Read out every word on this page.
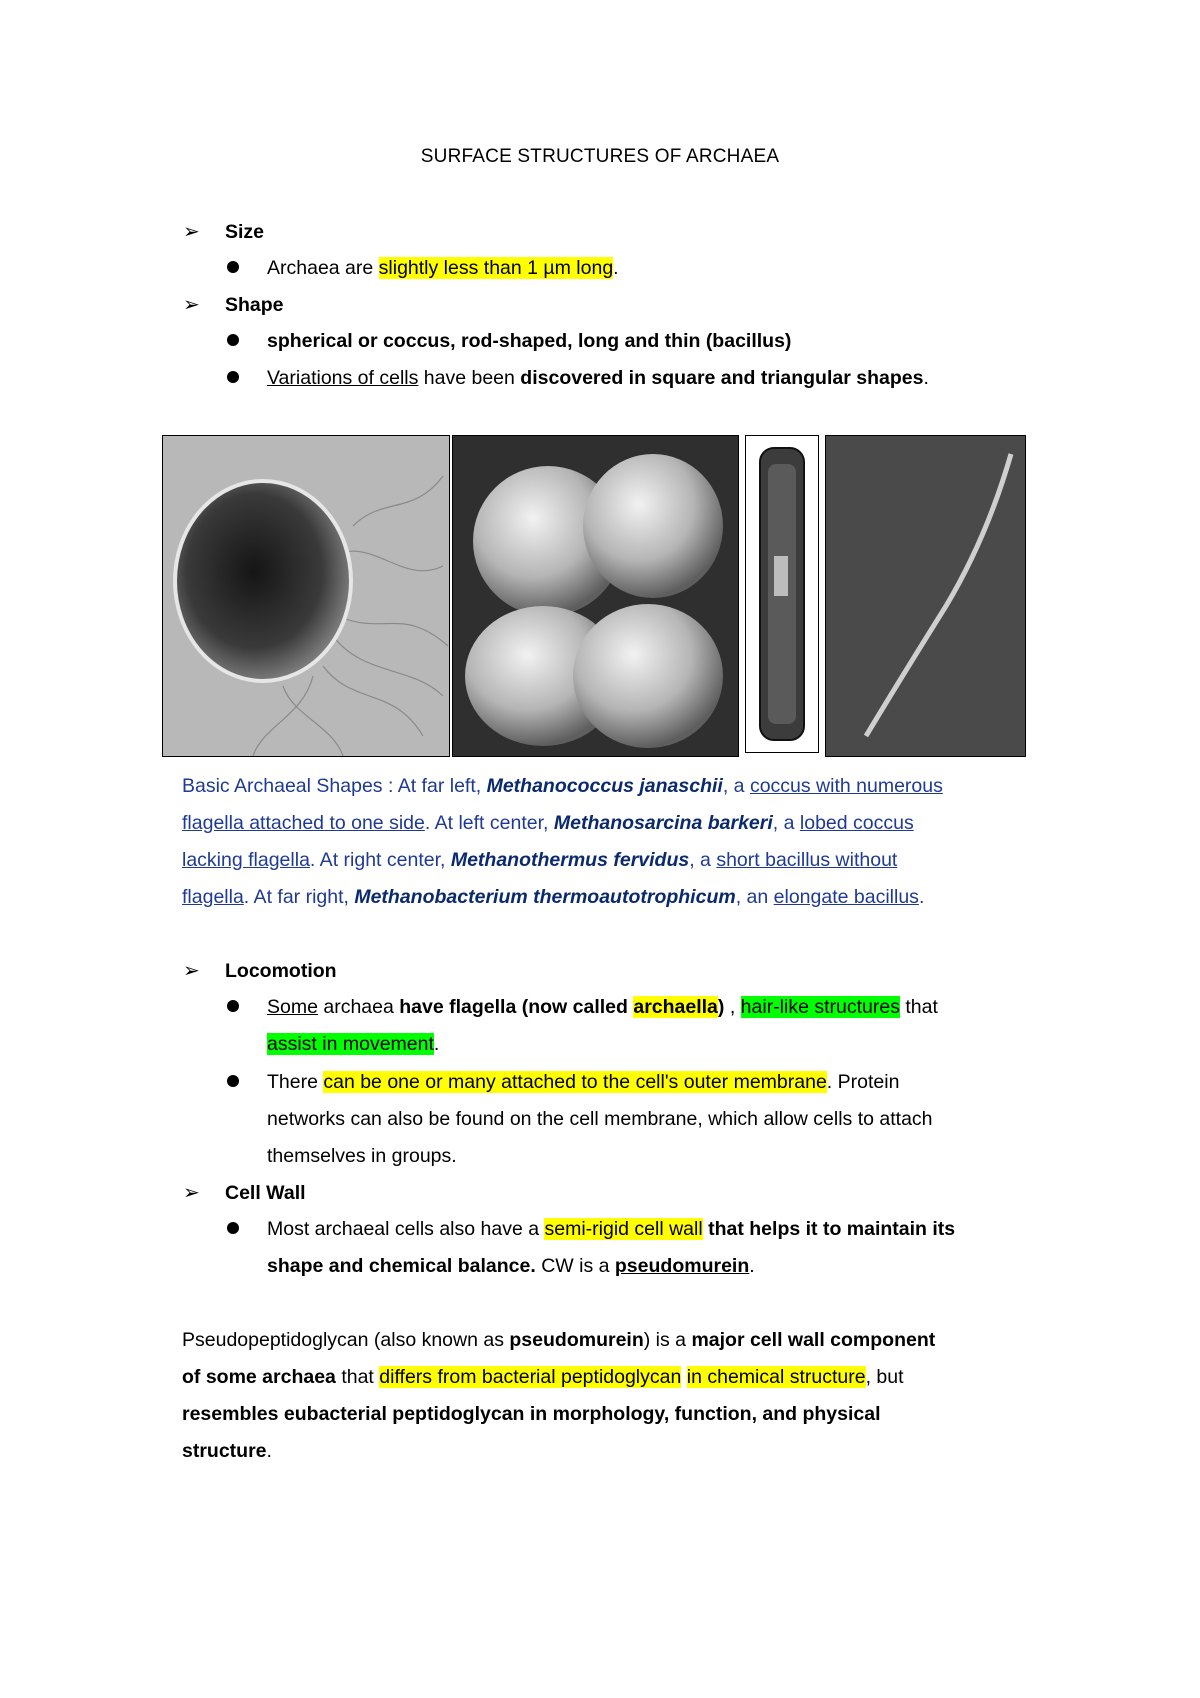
SURFACE STRUCTURES OF ARCHAEA
➢ Size
Archaea are slightly less than 1 µm long.
➢ Shape
spherical or coccus, rod-shaped, long and thin (bacillus)
Variations of cells have been discovered in square and triangular shapes.
Basic Archaeal Shapes : At far left, Methanococcus janaschii, a coccus with numerous
flagella attached to one side. At left center, Methanosarcina barkeri, a lobed coccus
lacking flagella. At right center, Methanothermus fervidus, a short bacillus without
flagella. At far right, Methanobacterium thermoautotrophicum, an elongate bacillus.
➢ Locomotion
Some archaea have flagella (now called archaella) , hair-like structures that
assist in movement.
There can be one or many attached to the cell's outer membrane. Protein
networks can also be found on the cell membrane, which allow cells to attach
themselves in groups.
➢ Cell Wall
Most archaeal cells also have a semi-rigid cell wall that helps it to maintain its
shape and chemical balance. CW is a pseudomurein.
Pseudopeptidoglycan (also known as pseudomurein) is a major cell wall component
of some archaea that differs from bacterial peptidoglycan in chemical structure, but
resembles eubacterial peptidoglycan in morphology, function, and physical
structure.
